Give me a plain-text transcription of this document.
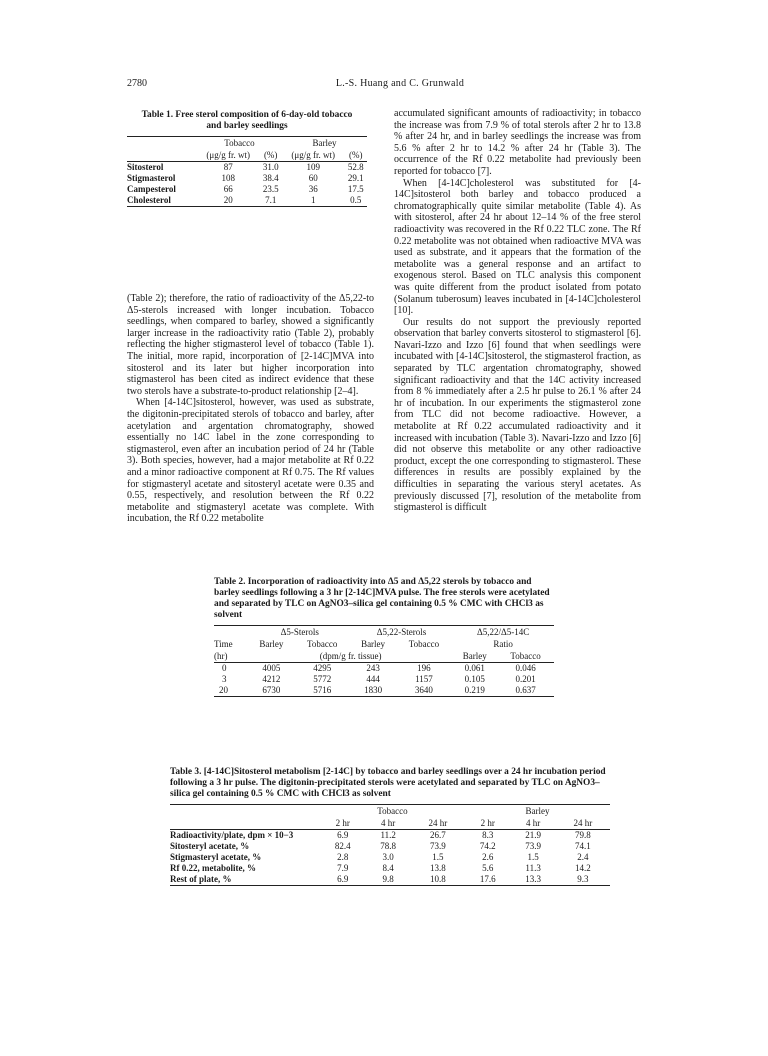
2780	L.-S. Huang and C. Grunwald
Table 1. Free sterol composition of 6-day-old tobacco
and barley seedlings

	Tobacco		Barley	
	(μg/g fr. wt)	(%)	(μg/g fr. wt)	(%)

Sitosterol	87	31.0	109	52.8
Stigmasterol	108	38.4	60	29.1
Campesterol	66	23.5	36	17.5
Cholesterol	20	7.1	1	0.5

(Table 2); therefore, the ratio of radioactivity of the Δ5,22-to Δ5-sterols increased with longer incubation. Tobacco seedlings, when compared to barley, showed a significantly larger increase in the radioactivity ratio (Table 2), probably reflecting the higher stigmasterol level of tobacco (Table 1). The initial, more rapid, incorporation of [2-14C]MVA into sitosterol and its later but higher incorporation into stigmasterol has been cited as indirect evidence that these two sterols have a substrate-to-product relationship [2–4].

When [4-14C]sitosterol, however, was used as substrate, the digitonin-precipitated sterols of tobacco and barley, after acetylation and argentation chromatography, showed essentially no 14C label in the zone corresponding to stigmasterol, even after an incubation period of 24 hr (Table 3). Both species, however, had a major metabolite at Rf 0.22 and a minor radioactive component at Rf 0.75. The Rf values for stigmasteryl acetate and sitosteryl acetate were 0.35 and 0.55, respectively, and resolution between the Rf 0.22 metabolite and stigmasteryl acetate was complete. With incubation, the Rf 0.22 metabolite

accumulated significant amounts of radioactivity; in tobacco the increase was from 7.9 % of total sterols after 2 hr to 13.8 % after 24 hr, and in barley seedlings the increase was from 5.6 % after 2 hr to 14.2 % after 24 hr (Table 3). The occurrence of the Rf 0.22 metabolite had previously been reported for tobacco [7].

When [4-14C]cholesterol was substituted for [4-14C]sitosterol both barley and tobacco produced a chromatographically quite similar metabolite (Table 4). As with sitosterol, after 24 hr about 12–14 % of the free sterol radioactivity was recovered in the Rf 0.22 TLC zone. The Rf 0.22 metabolite was not obtained when radioactive MVA was used as substrate, and it appears that the formation of the metabolite was a general response and an artifact to exogenous sterol. Based on TLC analysis this component was quite different from the product isolated from potato (Solanum tuberosum) leaves incubated in [4-14C]cholesterol [10].

Our results do not support the previously reported observation that barley converts sitosterol to stigmasterol [6]. Navari-Izzo and Izzo [6] found that when seedlings were incubated with [4-14C]sitosterol, the stigmasterol fraction, as separated by TLC argentation chromatography, showed significant radioactivity and that the 14C activity increased from 8 % immediately after a 2.5 hr pulse to 26.1 % after 24 hr of incubation. In our experiments the stigmasterol zone from TLC did not become radioactive. However, a metabolite at Rf 0.22 accumulated radioactivity and it increased with incubation (Table 3). Navari-Izzo and Izzo [6] did not observe this metabolite or any other radioactive product, except the one corresponding to stigmasterol. These differences in results are possibly explained by the difficulties in separating the various steryl acetates. As previously discussed [7], resolution of the metabolite from stigmasterol is difficult

Table 2. Incorporation of radioactivity into Δ5 and Δ5,22 sterols by tobacco and barley seedlings following a 3 hr [2-14C]MVA pulse. The free sterols were acetylated and separated by TLC on AgNO3–silica gel containing 0.5 % CMC with CHCl3 as solvent

	Δ5-Sterols		Δ5,22-Sterols		Δ5,22/Δ5-14C	
Time	Barley	Tobacco	Barley	Tobacco	Ratio	
(hr)	(dpm/g fr. tissue)				Barley	Tobacco

0	4005	4295	243	196	0.061	0.046
3	4212	5772	444	1157	0.105	0.201
20	6730	5716	1830	3640	0.219	0.637

Table 3. [4-14C]Sitosterol metabolism [2-14C] by tobacco and barley seedlings over a 24 hr incubation period following a 3 hr pulse. The digitonin-precipitated sterols were acetylated and separated by TLC on AgNO3–silica gel containing 0.5 % CMC with CHCl3 as solvent

	Tobacco			Barley		
	2 hr	4 hr	24 hr	2 hr	4 hr	24 hr

Radioactivity/plate, dpm × 10−3	6.9	11.2	26.7	8.3	21.9	79.8
Sitosteryl acetate, %	82.4	78.8	73.9	74.2	73.9	74.1
Stigmasteryl acetate, %	2.8	3.0	1.5	2.6	1.5	2.4
Rf 0.22, metabolite, %	7.9	8.4	13.8	5.6	11.3	14.2
Rest of plate, %	6.9	9.8	10.8	17.6	13.3	9.3
